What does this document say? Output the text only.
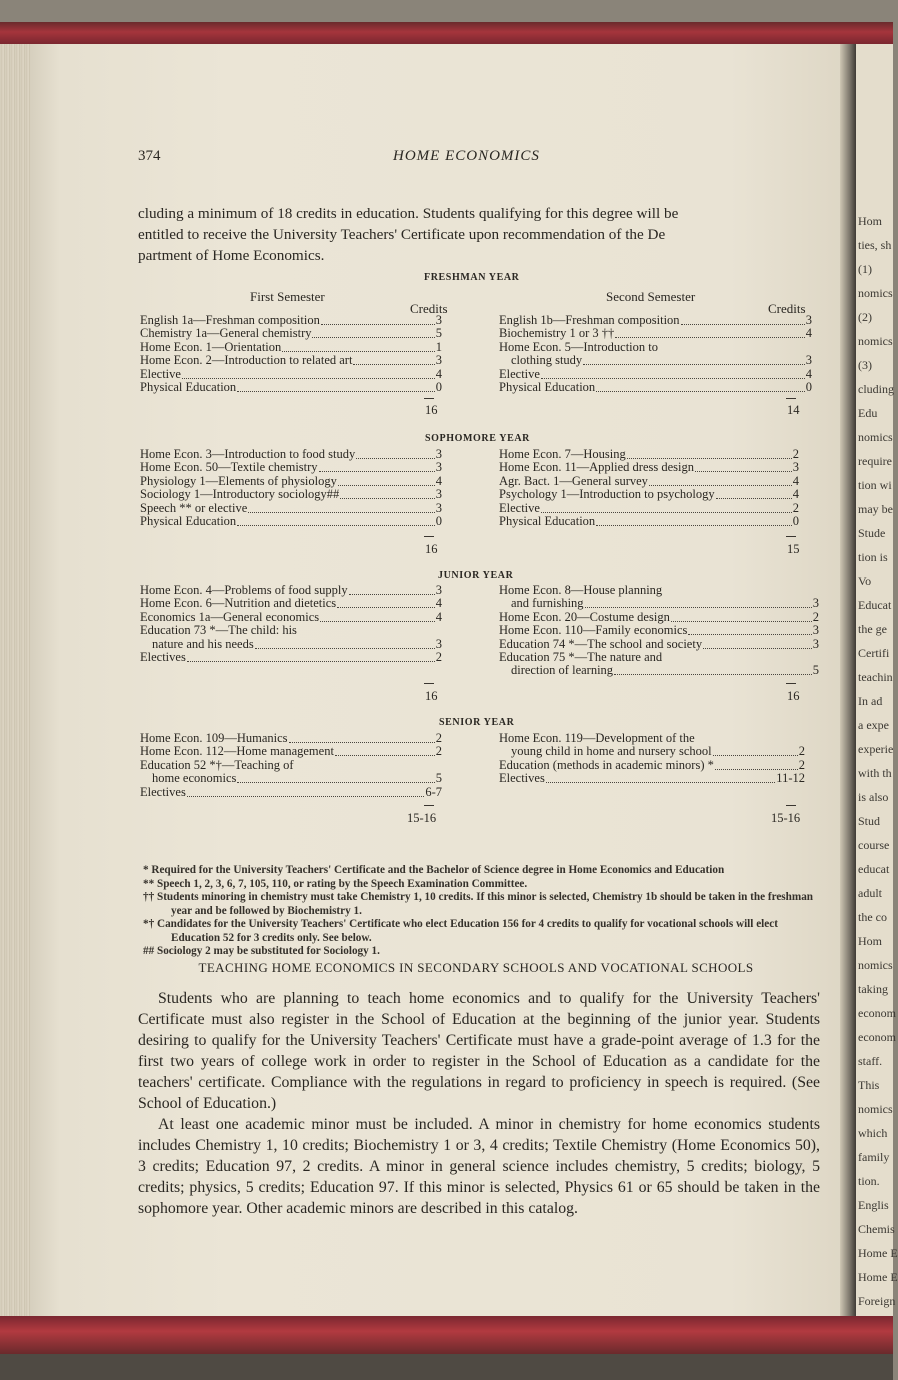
Hom
ties, sh
(1)
nomics
(2)
nomics
(3)
cluding
Edu
nomics
require
tion wi
may be
Stude
tion is
Vo
Educat
the ge
Certifi
teachin
In ad
a expe
experie
with th
is also
Stud
course
educat
adult
the co
Hom
nomics
taking
econom
econom
staff.
This
nomics
which
family
tion.
Englis
Chemis
Home E
Home E
Foreign
374	HOME ECONOMICS
cluding a minimum of 18 credits in education. Students qualifying for this degree will be
entitled to receive the University Teachers' Certificate upon recommendation of the De
partment of Home Economics.
FRESHMAN YEAR
First Semester	Second Semester
Credits	Credits
English 1a—Freshman composition	3
Chemistry 1a—General chemistry	5
Home Econ. 1—Orientation	1
Home Econ. 2—Introduction to related art	3
Elective	4
Physical Education	0
English 1b—Freshman composition	3
Biochemistry 1 or 3 ††	4
Home Econ. 5—Introduction to
clothing study	3
Elective	4
Physical Education	0
16	14
SOPHOMORE YEAR
Home Econ. 3—Introduction to food study	3
Home Econ. 50—Textile chemistry	3
Physiology 1—Elements of physiology	4
Sociology 1—Introductory sociology##	3
Speech ** or elective	3
Physical Education	0
Home Econ. 7—Housing	2
Home Econ. 11—Applied dress design	3
Agr. Bact. 1—General survey	4
Psychology 1—Introduction to psychology	4
Elective	2
Physical Education	0
16	15
JUNIOR YEAR
Home Econ. 4—Problems of food supply	3
Home Econ. 6—Nutrition and dietetics	4
Economics 1a—General economics	4
Education 73 *—The child: his
nature and his needs	3
Electives	2
Home Econ. 8—House planning
and furnishing	3
Home Econ. 20—Costume design	2
Home Econ. 110—Family economics	3
Education 74 *—The school and society	3
Education 75 *—The nature and
direction of learning	5
16	16
SENIOR YEAR
Home Econ. 109—Humanics	2
Home Econ. 112—Home management	2
Education 52 *†—Teaching of
home economics	5
Electives	6-7
Home Econ. 119—Development of the
young child in home and nursery school	2
Education (methods in academic minors) *	2
Electives	11-12
15-16	15-16
* Required for the University Teachers' Certificate and the Bachelor of Science degree in Home Economics and Education
** Speech 1, 2, 3, 6, 7, 105, 110, or rating by the Speech Examination Committee.
†† Students minoring in chemistry must take Chemistry 1, 10 credits. If this minor is selected, Chemistry 1b should be taken in the freshman year and be followed by Biochemistry 1.
*† Candidates for the University Teachers' Certificate who elect Education 156 for 4 credits to qualify for vocational schools will elect Education 52 for 3 credits only. See below.
## Sociology 2 may be substituted for Sociology 1.
TEACHING HOME ECONOMICS IN SECONDARY SCHOOLS AND VOCATIONAL SCHOOLS

Students who are planning to teach home economics and to qualify for the University Teachers' Certificate must also register in the School of Education at the beginning of the junior year. Students desiring to qualify for the University Teachers' Certificate must have a grade-point average of 1.3 for the first two years of college work in order to register in the School of Education as a candidate for the teachers' certificate. Compliance with the regulations in regard to proficiency in speech is required. (See School of Education.)

At least one academic minor must be included. A minor in chemistry for home economics students includes Chemistry 1, 10 credits; Biochemistry 1 or 3, 4 credits; Textile Chemistry (Home Economics 50), 3 credits; Education 97, 2 credits. A minor in general science includes chemistry, 5 credits; biology, 5 credits; physics, 5 credits; Education 97. If this minor is selected, Physics 61 or 65 should be taken in the sophomore year. Other academic minors are described in this catalog.
